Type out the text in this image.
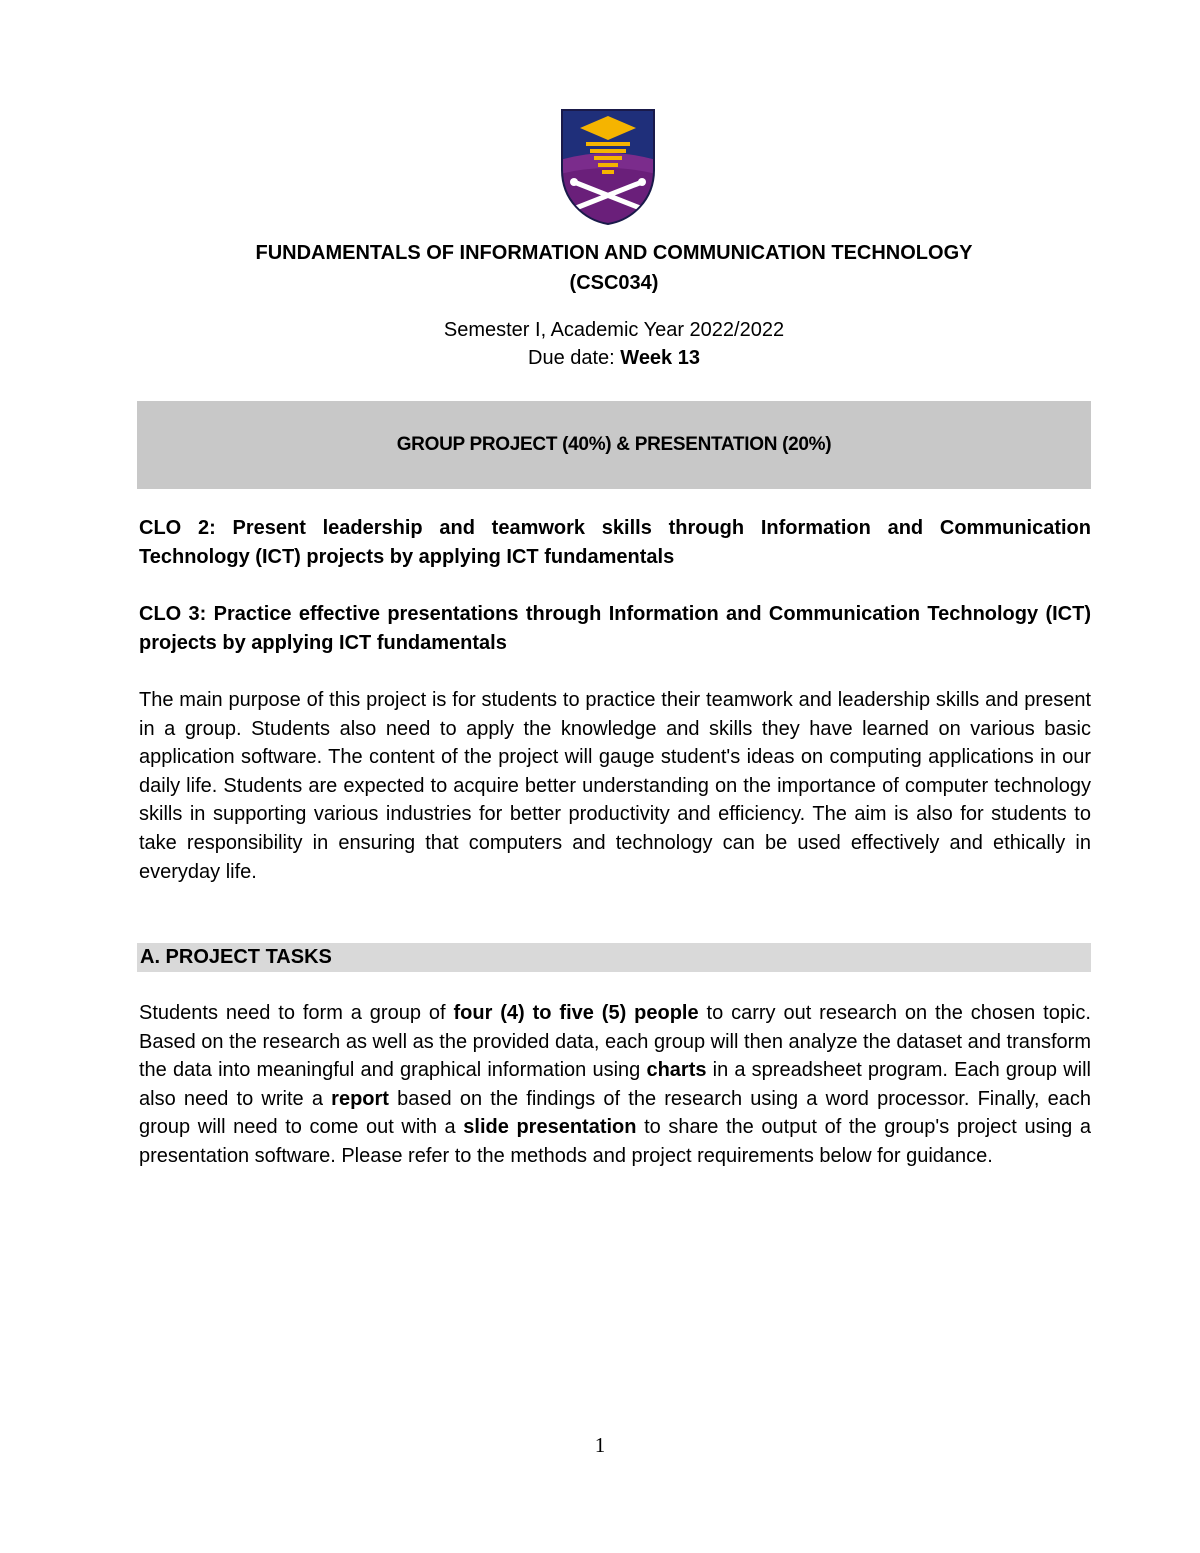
FUNDAMENTALS OF INFORMATION AND COMMUNICATION TECHNOLOGY
(CSC034)
Semester I, Academic Year 2022/2022
Due date: Week 13
GROUP PROJECT (40%) & PRESENTATION (20%)
CLO 2: Present leadership and teamwork skills through Information and Communication Technology (ICT) projects by applying ICT fundamentals
CLO 3: Practice effective presentations through Information and Communication Technology (ICT) projects by applying ICT fundamentals
The main purpose of this project is for students to practice their teamwork and leadership skills and present in a group. Students also need to apply the knowledge and skills they have learned on various basic application software. The content of the project will gauge student's ideas on computing applications in our daily life. Students are expected to acquire better understanding on the importance of computer technology skills in supporting various industries for better productivity and efficiency. The aim is also for students to take responsibility in ensuring that computers and technology can be used effectively and ethically in everyday life.
A. PROJECT TASKS
Students need to form a group of four (4) to five (5) people to carry out research on the chosen topic. Based on the research as well as the provided data, each group will then analyze the dataset and transform the data into meaningful and graphical information using charts in a spreadsheet program. Each group will also need to write a report based on the findings of the research using a word processor. Finally, each group will need to come out with a slide presentation to share the output of the group's project using a presentation software. Please refer to the methods and project requirements below for guidance.
1
